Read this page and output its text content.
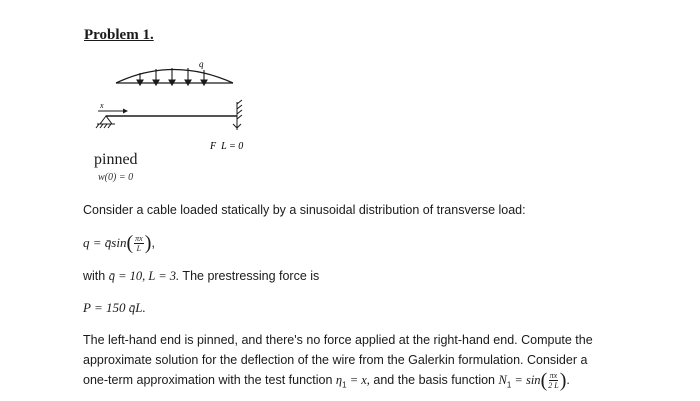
Problem 1.
q
x
F_L = 0
pinned
w(0) = 0
Consider a cable loaded statically by a sinusoidal distribution of transverse load:
q = q̄sin( $\frac{\pi x}{L}$ ),
with q̄ = 10, L = 3. The prestressing force is
P = 150 q̄L.
The left-hand end is pinned, and there's no force applied at the right-hand end. Compute the
approximate solution for the deflection of the wire from the Galerkin formulation. Consider a
one-term approximation with the test function $\eta_1 = x$, and the basis function $N_1 = \sin( \frac{\pi x}{2 L}$ ).
